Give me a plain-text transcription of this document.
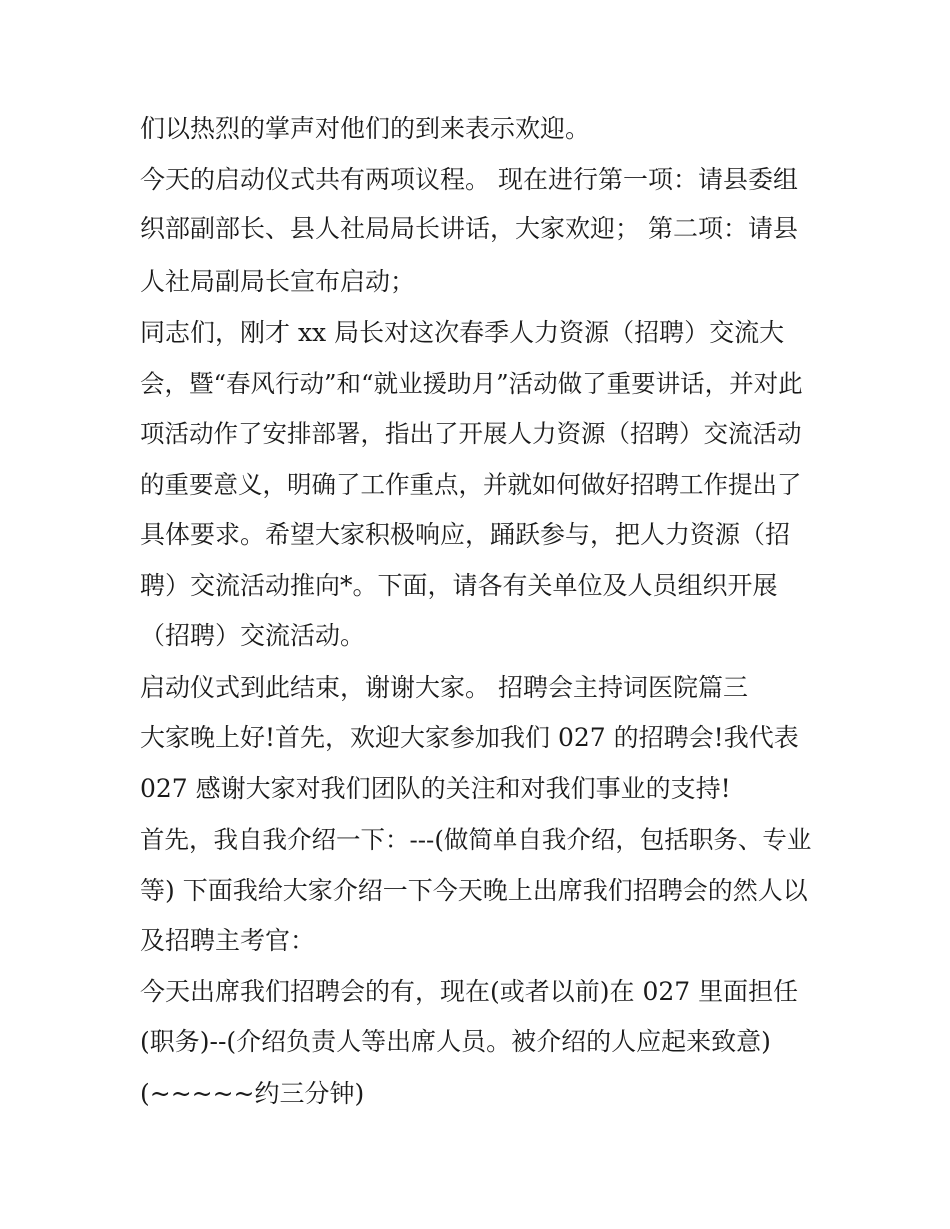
们以热烈的掌声对他们的到来表示欢迎。
今天的启动仪式共有两项议程。 现在进行第一项：请县委组
织部副部长、县人社局局长讲话，大家欢迎； 第二项：请县
人社局副局长宣布启动；
同志们，刚才 xx 局长对这次春季人力资源（招聘）交流大
会，暨“春风行动”和“就业援助月”活动做了重要讲话，并对此
项活动作了安排部署，指出了开展人力资源（招聘）交流活动
的重要意义，明确了工作重点，并就如何做好招聘工作提出了
具体要求。希望大家积极响应，踊跃参与，把人力资源（招
聘）交流活动推向*。下面，请各有关单位及人员组织开展
（招聘）交流活动。
启动仪式到此结束，谢谢大家。 招聘会主持词医院篇三
大家晚上好!首先，欢迎大家参加我们 027 的招聘会!我代表
027 感谢大家对我们团队的关注和对我们事业的支持!
首先，我自我介绍一下：---(做简单自我介绍，包括职务、专业
等) 下面我给大家介绍一下今天晚上出席我们招聘会的然人以
及招聘主考官：
今天出席我们招聘会的有，现在(或者以前)在 027 里面担任
(职务)--(介绍负责人等出席人员。被介绍的人应起来致意)
(~~~~~约三分钟)
